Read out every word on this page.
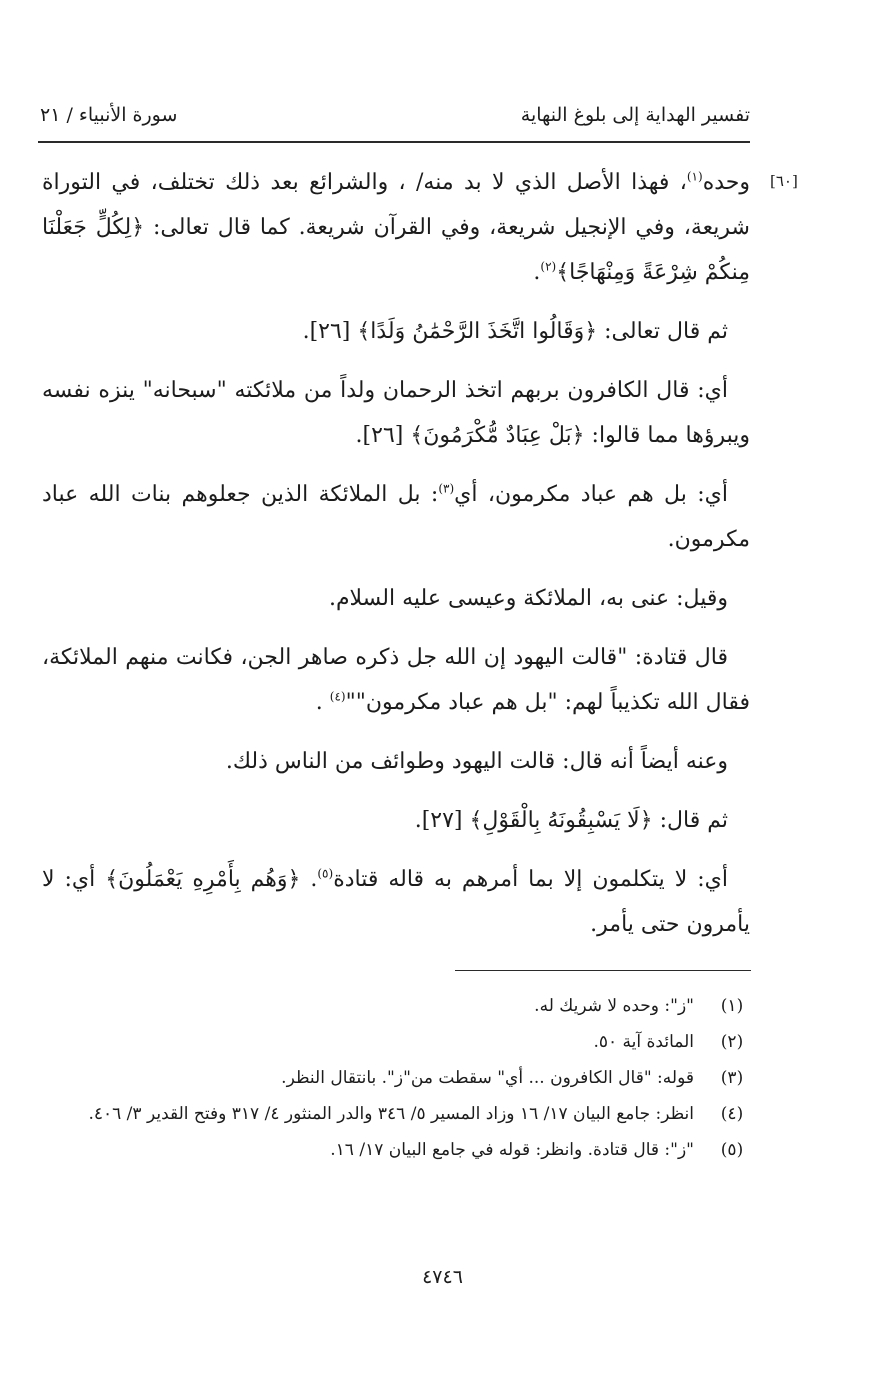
تفسير الهداية إلى بلوغ النهاية
سورة الأنبياء / ٢١
[٦٠]

وحده$^{(١)}$، فهذا الأصل الذي لا بد منه/ ، والشرائع بعد ذلك تختلف، في التوراة شريعة، وفي الإنجيل شريعة، وفي القرآن شريعة. كما قال تعالى: ﴿لِكُلٍّ جَعَلْنَا مِنكُمْ شِرْعَةً وَمِنْهَاجًا﴾$^{(٢)}$.

ثم قال تعالى: ﴿وَقَالُوا اتَّخَذَ الرَّحْمَٰنُ وَلَدًا﴾ [٢٦].

أي: قال الكافرون بربهم اتخذ الرحمان ولداً من ملائكته "سبحانه" ينزه نفسه ويبرؤها مما قالوا: ﴿بَلْ عِبَادٌ مُّكْرَمُونَ﴾ [٢٦].

أي: بل هم عباد مكرمون، أي$^{(٣)}$: بل الملائكة الذين جعلوهم بنات الله عباد مكرمون.

وقيل: عنى به، الملائكة وعيسى عليه السلام.

قال قتادة: "قالت اليهود إن الله جل ذكره صاهر الجن، فكانت منهم الملائكة، فقال الله تكذيباً لهم: "بل هم عباد مكرمون""$^{(٤)}$ .

وعنه أيضاً أنه قال: قالت اليهود وطوائف من الناس ذلك.

ثم قال: ﴿لَا يَسْبِقُونَهُ بِالْقَوْلِ﴾ [٢٧].

أي: لا يتكلمون إلا بما أمرهم به قاله قتادة$^{(٥)}$. ﴿وَهُم بِأَمْرِهِ يَعْمَلُونَ﴾ أي: لا يأمرون حتى يأمر.

(١)
"ز": وحده لا شريك له.
(٢)
المائدة آية ٥٠.
(٣)
قوله: "قال الكافرون ... أي" سقطت من"ز". بانتقال النظر.
(٤)
انظر: جامع البيان ١٧/ ١٦ وزاد المسير ٥/ ٣٤٦ والدر المنثور ٤/ ٣١٧ وفتح القدير ٣/ ٤٠٦.
(٥)
"ز": قال قتادة. وانظر: قوله في جامع البيان ١٧/ ١٦.
٤٧٤٦
